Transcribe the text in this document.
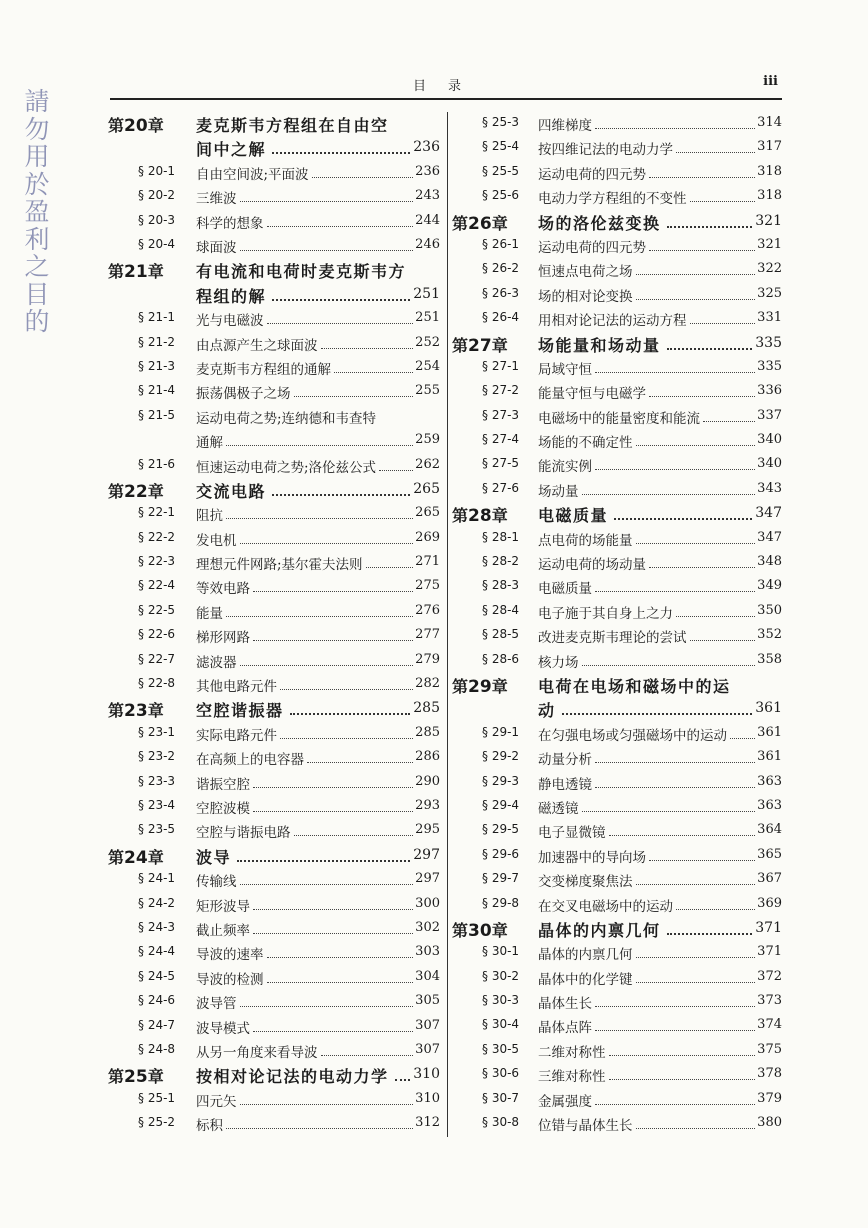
請
勿
用
於
盈
利
之
目
的
目录	iii
第20章 麦克斯韦方程组在自由空
间中之解	236
§ 20-1	自由空间波;平面波	236
§ 20-2	三维波	243
§ 20-3	科学的想象	244
§ 20-4	球面波	246
第21章 有电流和电荷时麦克斯韦方
程组的解	251
§ 21-1	光与电磁波	251
§ 21-2	由点源产生之球面波	252
§ 21-3	麦克斯韦方程组的通解	254
§ 21-4	振荡偶极子之场	255
§ 21-5	运动电荷之势;连纳德和韦查特
通解	259
§ 21-6	恒速运动电荷之势;洛伦兹公式	262
第22章 交流电路	265
§ 22-1	阻抗	265
§ 22-2	发电机	269
§ 22-3	理想元件网路;基尔霍夫法则	271
§ 22-4	等效电路	275
§ 22-5	能量	276
§ 22-6	梯形网路	277
§ 22-7	滤波器	279
§ 22-8	其他电路元件	282
第23章 空腔谐振器	285
§ 23-1	实际电路元件	285
§ 23-2	在高频上的电容器	286
§ 23-3	谐振空腔	290
§ 23-4	空腔波模	293
§ 23-5	空腔与谐振电路	295
第24章 波导	297
§ 24-1	传输线	297
§ 24-2	矩形波导	300
§ 24-3	截止频率	302
§ 24-4	导波的速率	303
§ 24-5	导波的检测	304
§ 24-6	波导管	305
§ 24-7	波导模式	307
§ 24-8	从另一角度来看导波	307
第25章 按相对论记法的电动力学 310
§ 25-1	四元矢	310
§ 25-2	标积	312
§ 25-3	四维梯度	314
§ 25-4	按四维记法的电动力学	317
§ 25-5	运动电荷的四元势	318
§ 25-6	电动力学方程组的不变性	318
第26章 场的洛伦兹变换	321
§ 26-1	运动电荷的四元势	321
§ 26-2	恒速点电荷之场	322
§ 26-3	场的相对论变换	325
§ 26-4	用相对论记法的运动方程	331
第27章 场能量和场动量	335
§ 27-1	局域守恒	335
§ 27-2	能量守恒与电磁学	336
§ 27-3	电磁场中的能量密度和能流	337
§ 27-4	场能的不确定性	340
§ 27-5	能流实例	340
§ 27-6	场动量	343
第28章 电磁质量	347
§ 28-1	点电荷的场能量	347
§ 28-2	运动电荷的场动量	348
§ 28-3	电磁质量	349
§ 28-4	电子施于其自身上之力	350
§ 28-5	改进麦克斯韦理论的尝试	352
§ 28-6	核力场	358
第29章 电荷在电场和磁场中的运
动	361
§ 29-1	在匀强电场或匀强磁场中的运动 361
§ 29-2	动量分析	361
§ 29-3	静电透镜	363
§ 29-4	磁透镜	363
§ 29-5	电子显微镜	364
§ 29-6	加速器中的导向场	365
§ 29-7	交变梯度聚焦法	367
§ 29-8	在交叉电磁场中的运动	369
第30章 晶体的内禀几何	371
§ 30-1	晶体的内禀几何	371
§ 30-2	晶体中的化学键	372
§ 30-3	晶体生长	373
§ 30-4	晶体点阵	374
§ 30-5	二维对称性	375
§ 30-6	三维对称性	378
§ 30-7	金属强度	379
§ 30-8	位错与晶体生长	380
